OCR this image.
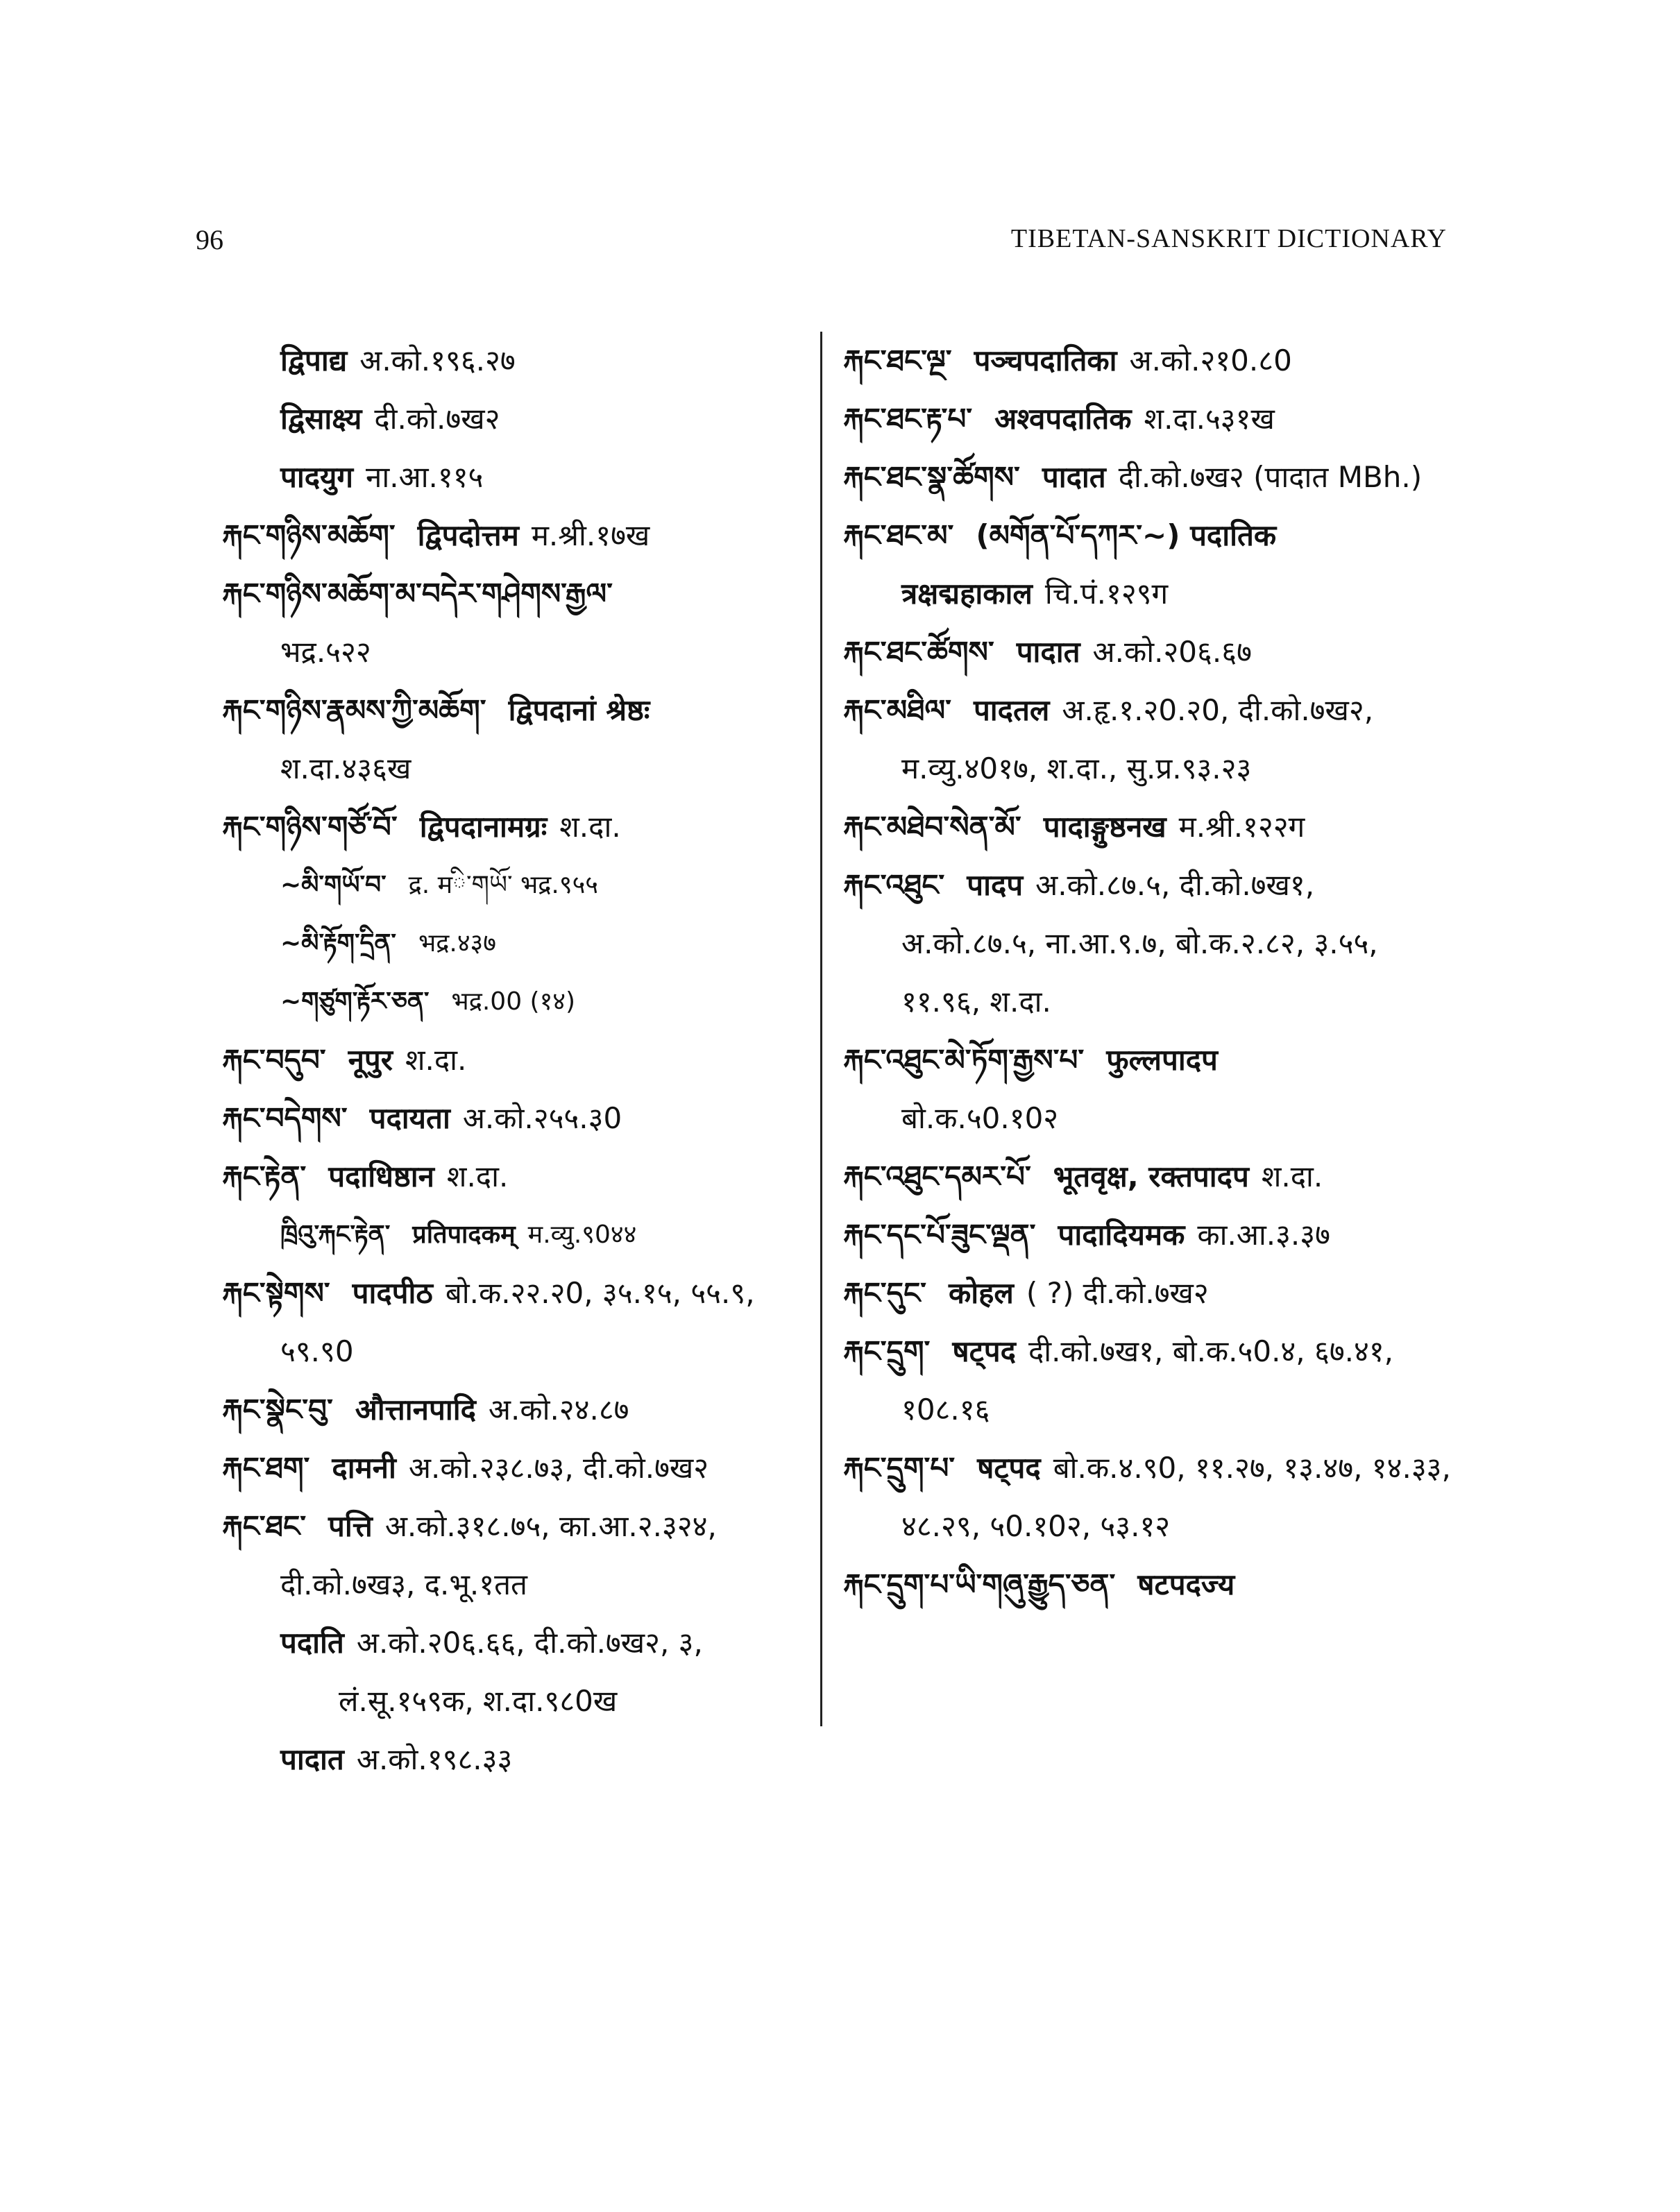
96	TIBETAN-SANSKRIT DICTIONARY

द्विपाद्य अ.को.१९६.२७

द्विसाक्ष्य दी.को.७ख२

पादयुग ना.आ.११५

རྐང་གཉིས་མཆོག་ द्विपदोत्तम म.श्री.१७ख

རྐང་གཉིས་མཆོག་མ་བདེར་གཤེགས་རྒྱལ་
भद्र.५२२

རྐང་གཉིས་རྣམས་ཀྱི་མཆོག་ द्विपदानां श्रेष्ठः
श.दा.४३६ख

རྐང་གཉིས་གཙོ་བོ་ द्विपदानामग्रः श.दा.

~མི་གཡོ་བ་ द्र. मི་གཡོ་ भद्र.९५५

~མི་རྟོག་དྲིན་ भद्र.४३७

~གཙུག་རྟོར་ཅན་ भद्र.00 (१४)

རྐང་བདུབ་ नूपुर श.दा.

རྐང་བདེགས་ पदायता अ.को.२५५.३0

རྐང་རྟེན་ पदाधिष्ठान श.दा.

ཁྲིའུ་རྐང་རྟེན་ प्रतिपादकम् म.व्यु.९0४४

རྐང་སྟེགས་ पादपीठ बो.क.२२.२0, ३५.१५, ५५.९, ५९.९0

རྐང་སྣེང་བུ་ औत्तानपादि अ.को.२४.८७

རྐང་ཐག་ दामनी अ.को.२३८.७३, दी.को.७ख२

རྐང་ཐང་ पत्ति अ.को.३१८.७५, का.आ.२.३२४, दी.को.७ख३, द.भू.१तत

पदाति अ.को.२0६.६६, दी.को.७ख२, ३, लं.सू.१५९क, श.दा.९८0ख

पादात अ.को.१९८.३३

རྐང་ཐང་ལྔ་ पञ्चपदातिका अ.को.२१0.८0

རྐང་ཐང་རྟ་པ་ अश्वपदातिक श.दा.५३१ख

རྐང་ཐང་སྣ་ཚོགས་ पादात दी.को.७ख२ (पादात MBh.)

རྐང་ཐང་མ་ (མགོན་པོ་དཀར་~) पदातिक त्रक्षद्महाकाल चि.पं.१२९ग

རྐང་ཐང་ཚོགས་ पादात अ.को.२0६.६७

རྐང་མཐིལ་ पादतल अ.हृ.१.२0.२0, दी.को.७ख२, म.व्यु.४0१७, श.दा., सु.प्र.९३.२३

རྐང་མཐེབ་སེན་མོ་ पादाङ्गुष्ठनख म.श्री.१२२ग

རྐང་འཐུང་ पादप अ.को.८७.५, दी.को.७ख१, अ.को.८७.५, ना.आ.९.७, बो.क.२.८२, ३.५५, ११.९६, श.दा.

རྐང་འཐུང་མེ་ཏོག་རྒྱས་པ་ फुल्लपादप
बो.क.५0.१0२

རྐང་འཐུང་དམར་པོ་ भूतवृक्ष, रक्तपादप श.दा.

རྐང་དང་པོ་ཟུང་ལྡན་ पादादियमक का.आ.३.३७

རྐང་དུང་ कोहल ( ?) दी.को.७ख२

རྐང་དྲུག་ षट्पद दी.को.७ख१, बो.क.५0.४, ६७.४१, १0८.१६

རྐང་དྲུག་པ་ षट्पद बो.क.४.९0, ११.२७, १३.४७, १४.३३, ४८.२९, ५0.१0२, ५३.१२

རྐང་དྲུག་པ་ཡི་གཞུ་རྒྱུད་ཅན་ षटपदज्य
